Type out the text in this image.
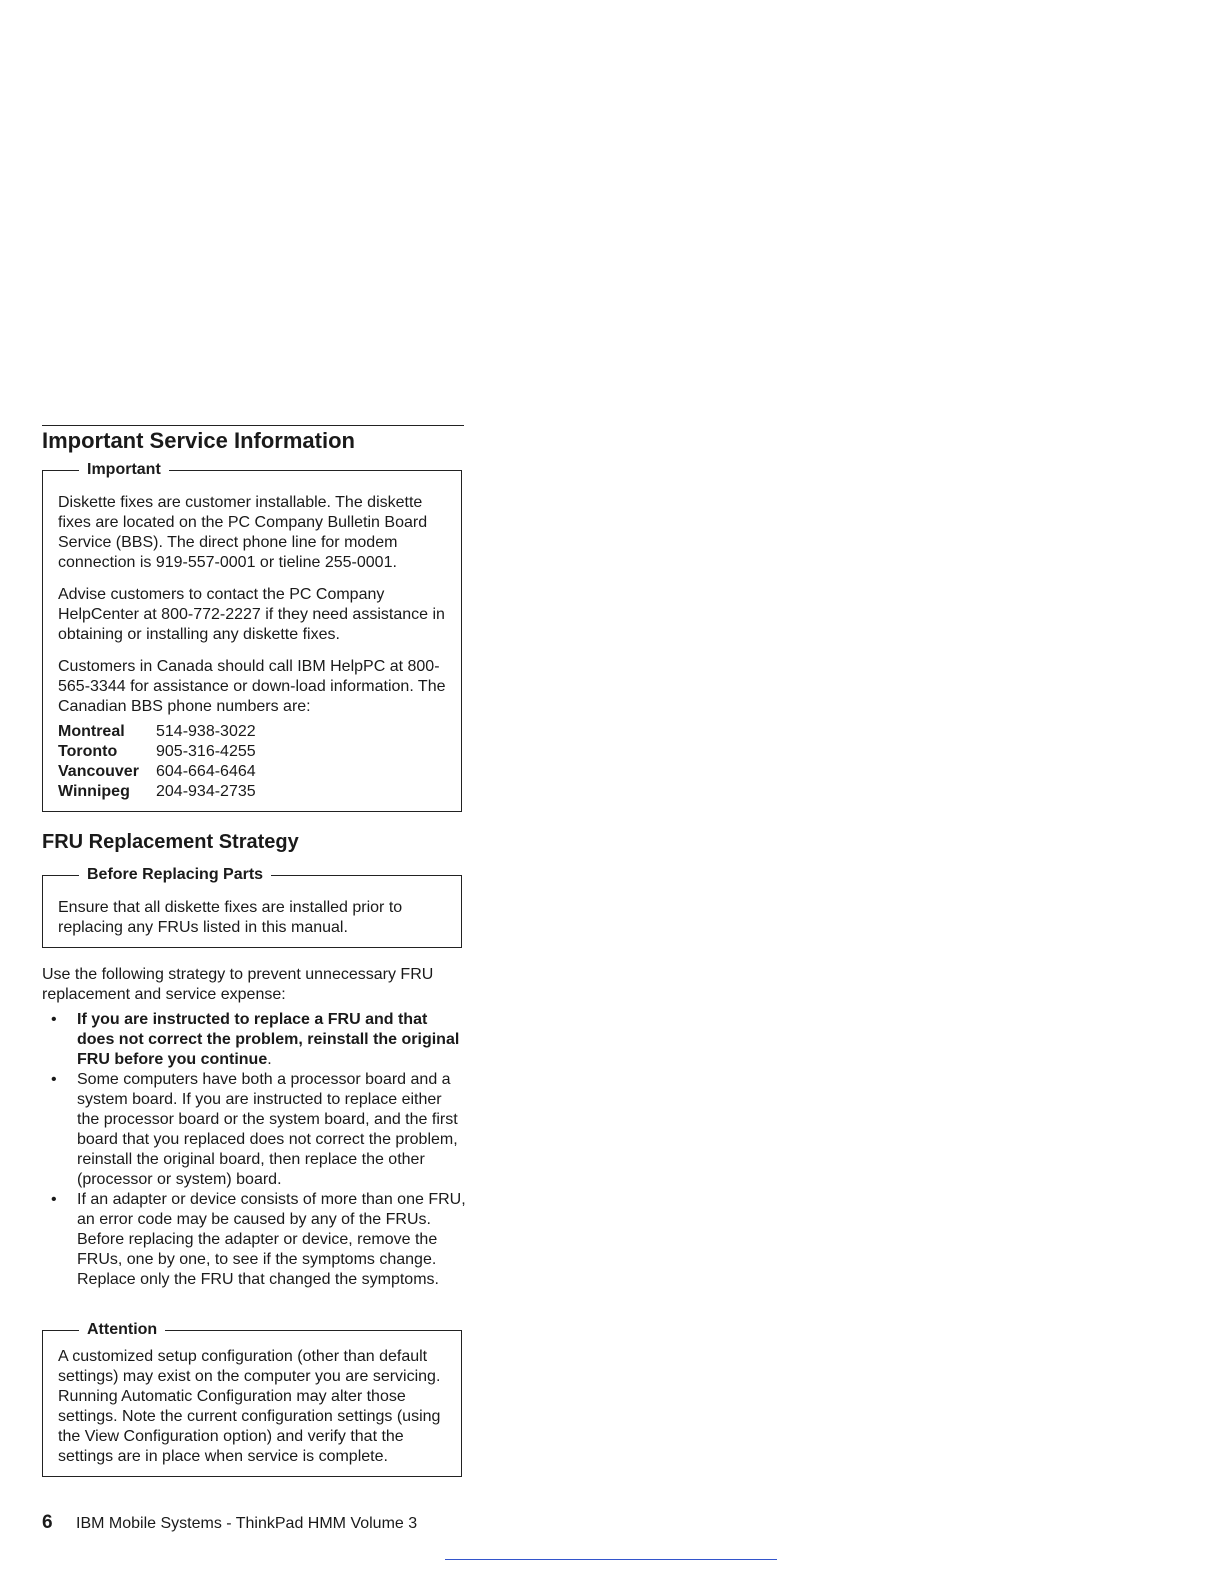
Important Service Information
Important

Diskette fixes are customer installable. The diskette fixes are located on the PC Company Bulletin Board Service (BBS). The direct phone line for modem connection is 919-557-0001 or tieline 255-0001.

Advise customers to contact the PC Company HelpCenter at 800-772-2227 if they need assistance in obtaining or installing any diskette fixes.

Customers in Canada should call IBM HelpPC at 800-565-3344 for assistance or down-load information. The Canadian BBS phone numbers are:

Montreal	514-938-3022
Toronto	905-316-4255
Vancouver	604-664-6464
Winnipeg	204-934-2735
FRU Replacement Strategy
Before Replacing Parts

Ensure that all diskette fixes are installed prior to replacing any FRUs listed in this manual.

Use the following strategy to prevent unnecessary FRU replacement and service expense:

• If you are instructed to replace a FRU and that does not correct the problem, reinstall the original FRU before you continue.
• Some computers have both a processor board and a system board. If you are instructed to replace either the processor board or the system board, and the first board that you replaced does not correct the problem, reinstall the original board, then replace the other (processor or system) board.
• If an adapter or device consists of more than one FRU, an error code may be caused by any of the FRUs. Before replacing the adapter or device, remove the FRUs, one by one, to see if the symptoms change. Replace only the FRU that changed the symptoms.
Attention

A customized setup configuration (other than default settings) may exist on the computer you are servicing. Running Automatic Configuration may alter those settings. Note the current configuration settings (using the View Configuration option) and verify that the settings are in place when service is complete.

6 IBM Mobile Systems - ThinkPad HMM Volume 3
